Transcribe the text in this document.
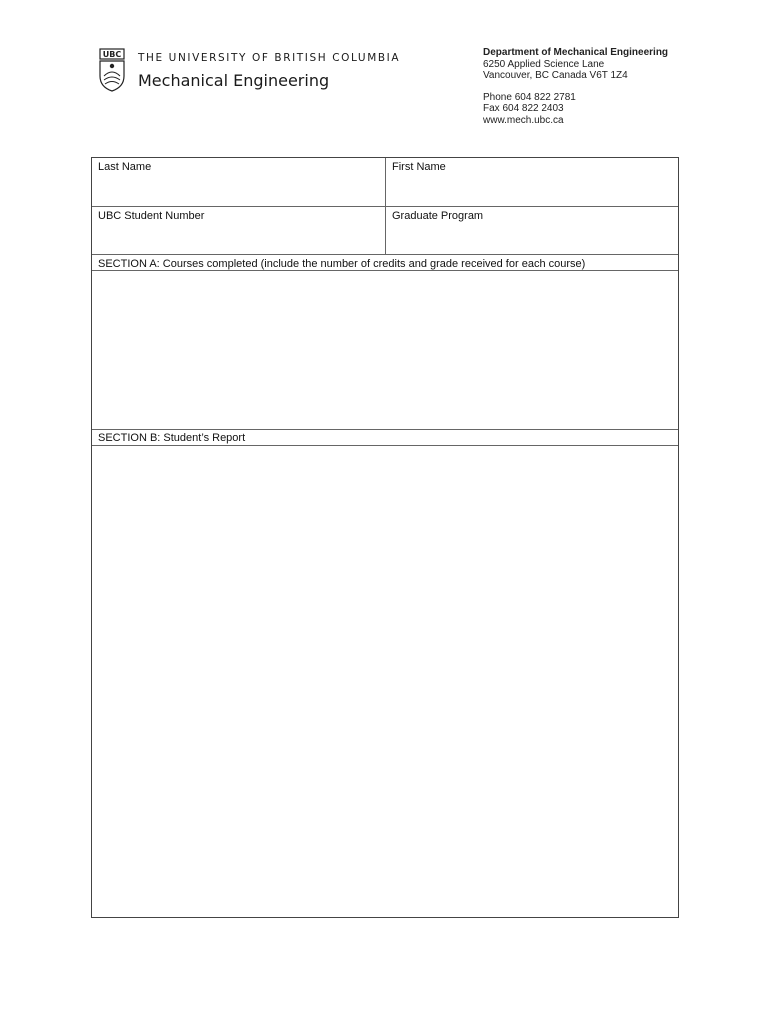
UBC THE UNIVERSITY OF BRITISH COLUMBIA
Mechanical Engineering
Department of Mechanical Engineering
6250 Applied Science Lane
Vancouver, BC Canada V6T 1Z4
Phone 604 822 2781
Fax 604 822 2403
www.mech.ubc.ca
Last Name	First Name
UBC Student Number	Graduate Program
SECTION A: Courses completed (include the number of credits and grade received for each course)
SECTION B: Student’s Report
